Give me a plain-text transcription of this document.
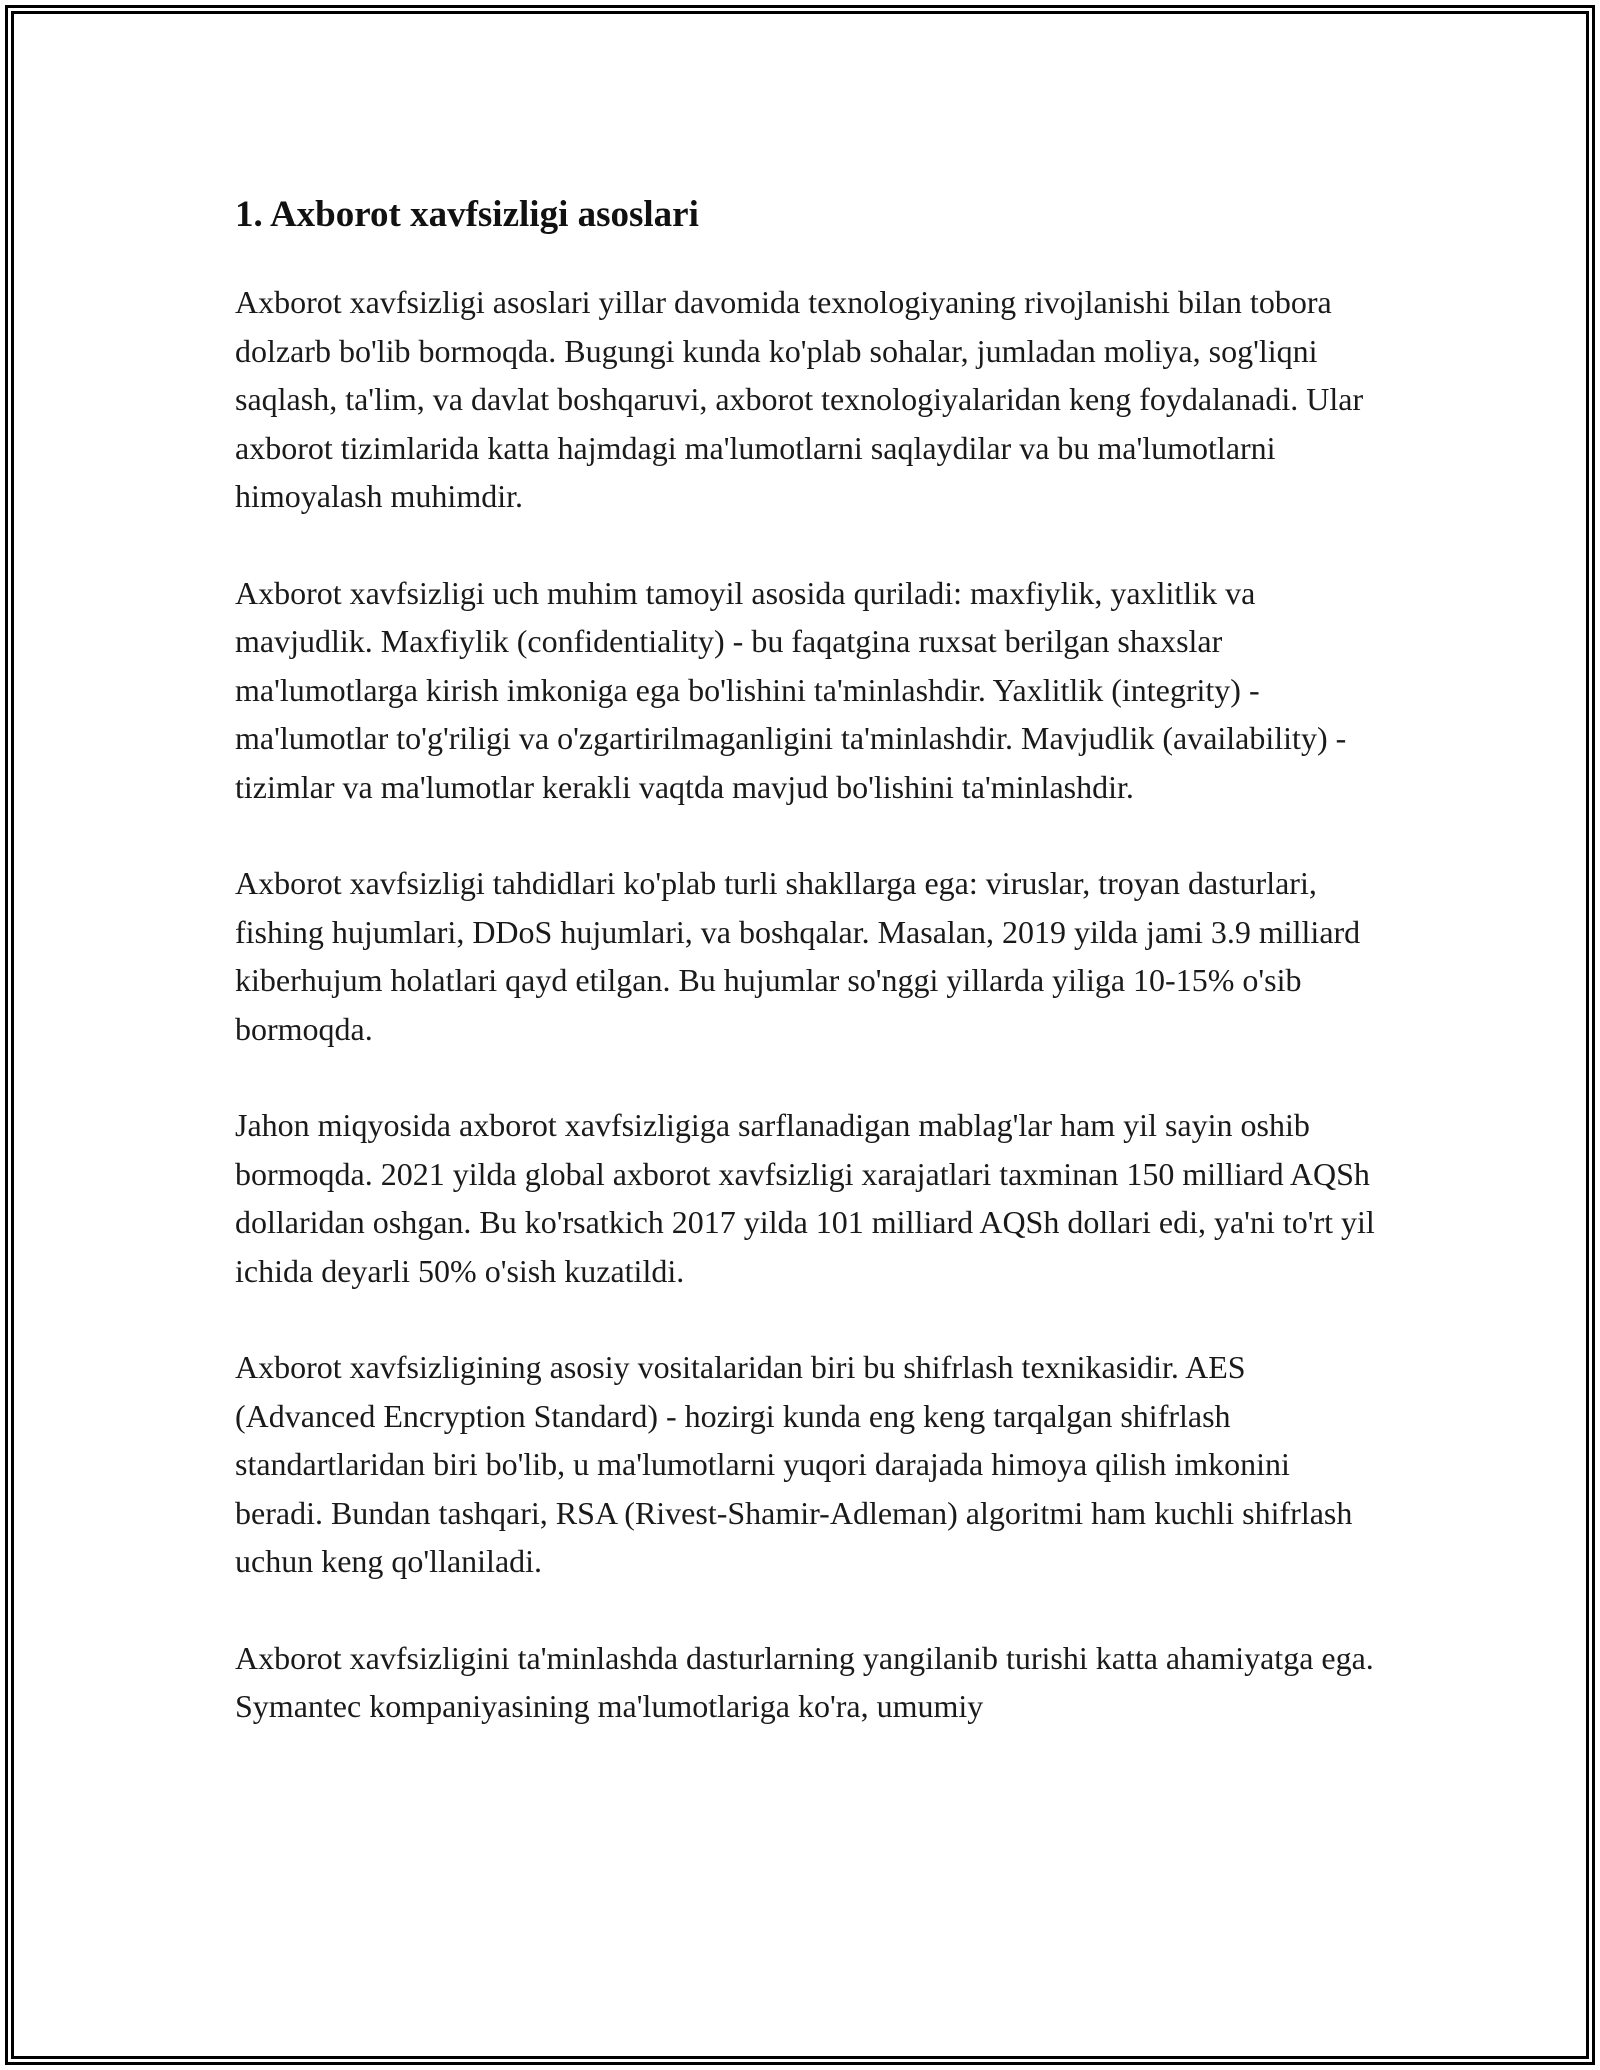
1. Axborot xavfsizligi asoslari

Axborot xavfsizligi asoslari yillar davomida texnologiyaning rivojlanishi bilan tobora dolzarb bo'lib bormoqda. Bugungi kunda ko'plab sohalar, jumladan moliya, sog'liqni saqlash, ta'lim, va davlat boshqaruvi, axborot texnologiyalaridan keng foydalanadi. Ular axborot tizimlarida katta hajmdagi ma'lumotlarni saqlaydilar va bu ma'lumotlarni himoyalash muhimdir.

Axborot xavfsizligi uch muhim tamoyil asosida quriladi: maxfiylik, yaxlitlik va mavjudlik. Maxfiylik (confidentiality) - bu faqatgina ruxsat berilgan shaxslar ma'lumotlarga kirish imkoniga ega bo'lishini ta'minlashdir. Yaxlitlik (integrity) - ma'lumotlar to'g'riligi va o'zgartirilmaganligini ta'minlashdir. Mavjudlik (availability) - tizimlar va ma'lumotlar kerakli vaqtda mavjud bo'lishini ta'minlashdir.

Axborot xavfsizligi tahdidlari ko'plab turli shakllarga ega: viruslar, troyan dasturlari, fishing hujumlari, DDoS hujumlari, va boshqalar. Masalan, 2019 yilda jami 3.9 milliard kiberhujum holatlari qayd etilgan. Bu hujumlar so'nggi yillarda yiliga 10-15% o'sib bormoqda.

Jahon miqyosida axborot xavfsizligiga sarflanadigan mablag'lar ham yil sayin oshib bormoqda. 2021 yilda global axborot xavfsizligi xarajatlari taxminan 150 milliard AQSh dollaridan oshgan. Bu ko'rsatkich 2017 yilda 101 milliard AQSh dollari edi, ya'ni to'rt yil ichida deyarli 50% o'sish kuzatildi.

Axborot xavfsizligining asosiy vositalaridan biri bu shifrlash texnikasidir. AES (Advanced Encryption Standard) - hozirgi kunda eng keng tarqalgan shifrlash standartlaridan biri bo'lib, u ma'lumotlarni yuqori darajada himoya qilish imkonini beradi. Bundan tashqari, RSA (Rivest-Shamir-Adleman) algoritmi ham kuchli shifrlash uchun keng qo'llaniladi.

Axborot xavfsizligini ta'minlashda dasturlarning yangilanib turishi katta ahamiyatga ega. Symantec kompaniyasining ma'lumotlariga ko'ra, umumiy
